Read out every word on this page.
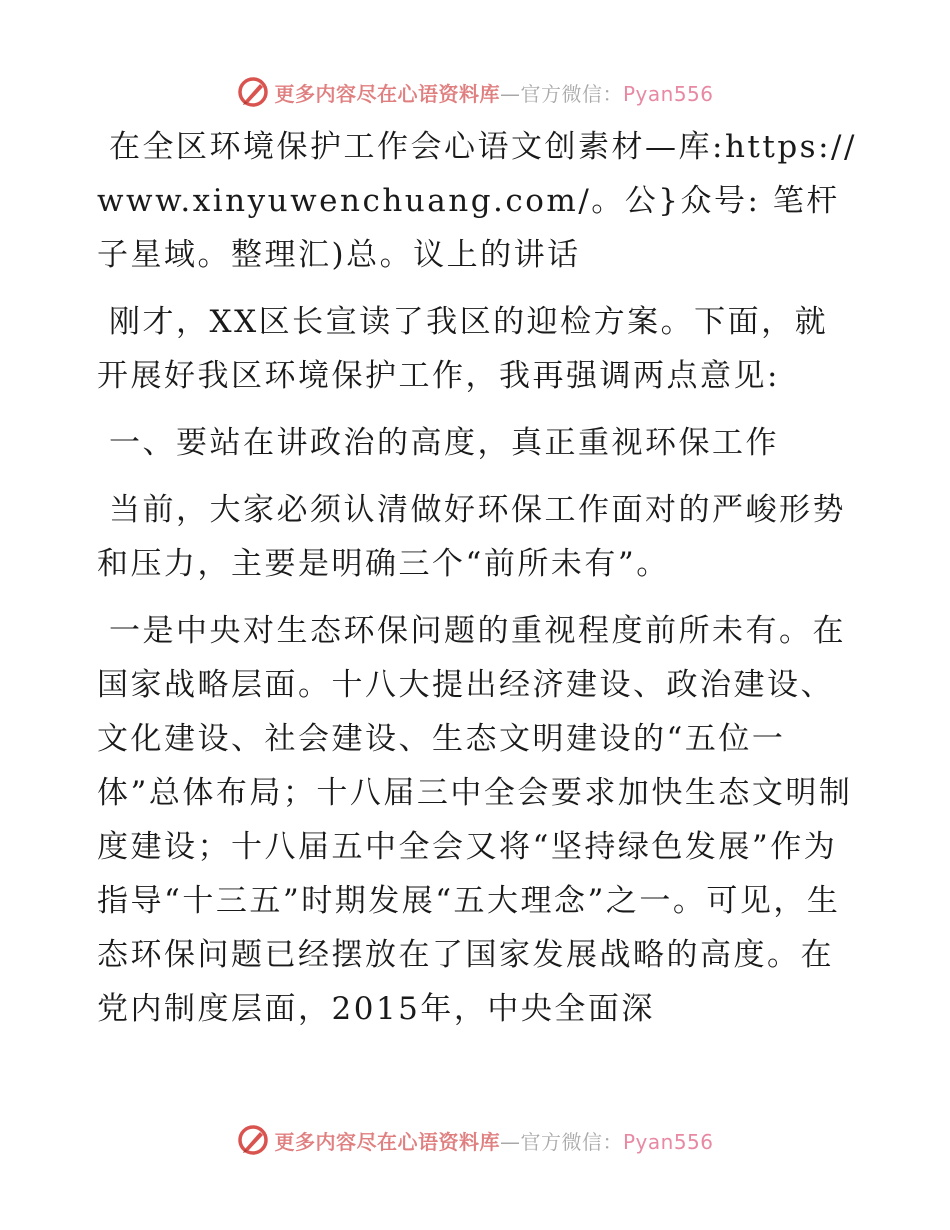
更多内容尽在心语资料库—官方微信：Pyan556

在全区环境保护工作会心语文创素材—库:https://www.xinyuwenchuang.com/。公}众号: 笔杆子星域。整理汇)总。议上的讲话

刚才，XX区长宣读了我区的迎检方案。下面，就开展好我区环境保护工作，我再强调两点意见:

一、要站在讲政治的高度，真正重视环保工作

当前，大家必须认清做好环保工作面对的严峻形势和压力，主要是明确三个“前所未有”。

一是中央对生态环保问题的重视程度前所未有。在国家战略层面。十八大提出经济建设、政治建设、文化建设、社会建设、生态文明建设的“五位一体”总体布局；十八届三中全会要求加快生态文明制度建设；十八届五中全会又将“坚持绿色发展”作为指导“十三五”时期发展“五大理念”之一。可见，生态环保问题已经摆放在了国家发展战略的高度。在党内制度层面，2015年，中央全面深

更多内容尽在心语资料库—官方微信：Pyan556
